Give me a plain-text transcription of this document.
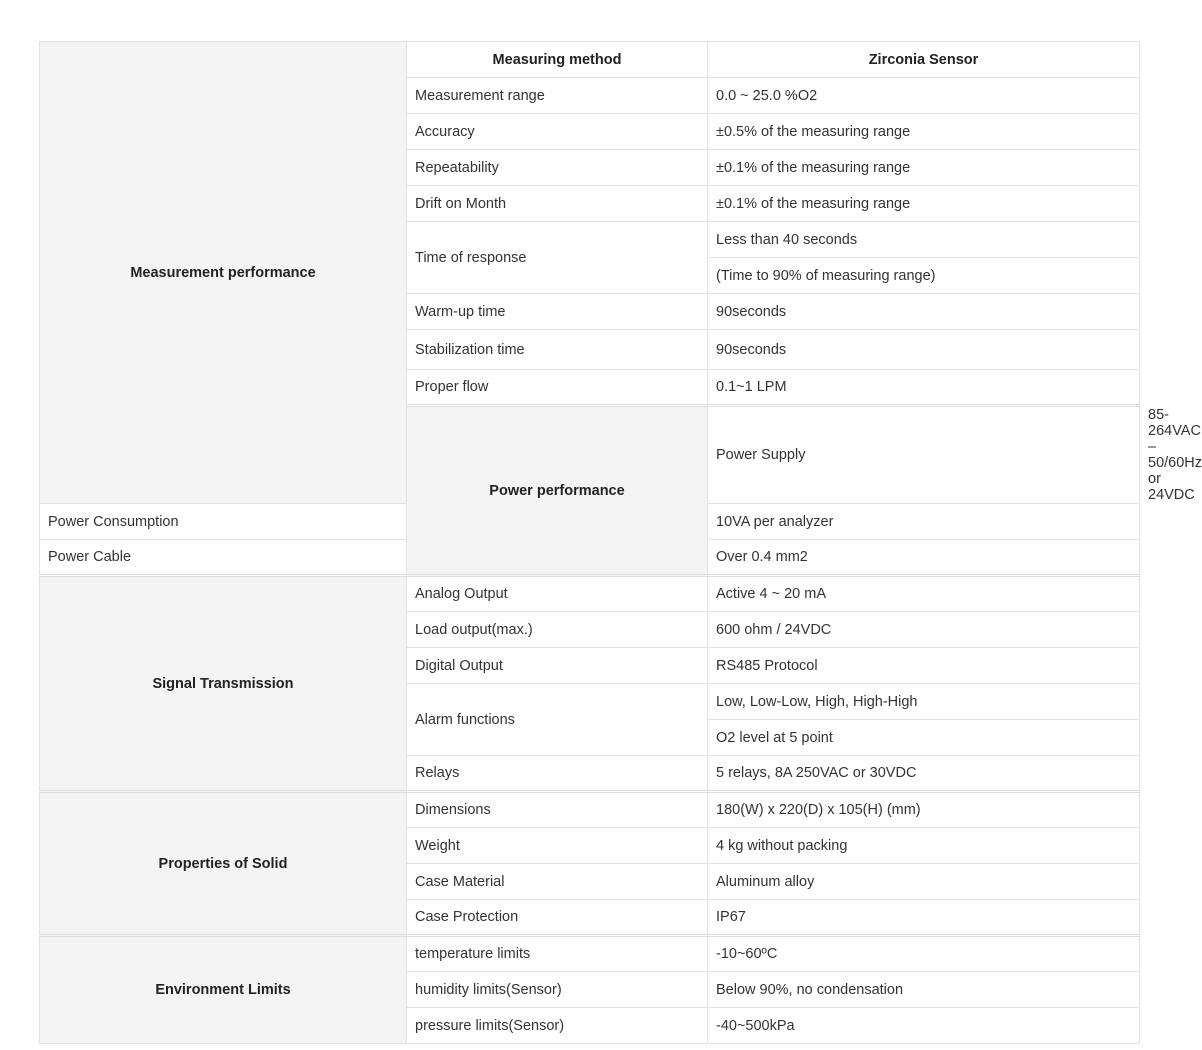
Measurement performance	Measuring method	Zirconia Sensor	
	Measurement range	0.0 ~ 25.0 %O2	
	Accuracy	±0.5% of the measuring range	
	Repeatability	±0.1% of the measuring range	
	Drift on Month	±0.1% of the measuring range	
	Time of response	Less than 40 seconds	
		(Time to 90% of measuring range)	
	Warm-up time	90seconds	
	Stabilization time	90seconds	
	Proper flow	0.1~1 LPM	
	Power performance	Power Supply	85-264VAC – 50/60Hz or 24VDC
Power Consumption		10VA per analyzer	
Power Cable		Over 0.4 mm2	
Signal Transmission	Analog Output	Active 4 ~ 20 mA	
	Load output(max.)	600 ohm / 24VDC	
	Digital Output	RS485 Protocol	
	Alarm functions	Low, Low-Low, High, High-High	
		O2 level at 5 point	
	Relays	5 relays, 8A 250VAC or 30VDC	
Properties of Solid	Dimensions	180(W) x 220(D) x 105(H) (mm)	
	Weight	4 kg without packing	
	Case Material	Aluminum alloy	
	Case Protection	IP67	
Environment Limits	temperature limits	-10~60ºC	
	humidity limits(Sensor)	Below 90%, no condensation	
	pressure limits(Sensor)	-40~500kPa	
